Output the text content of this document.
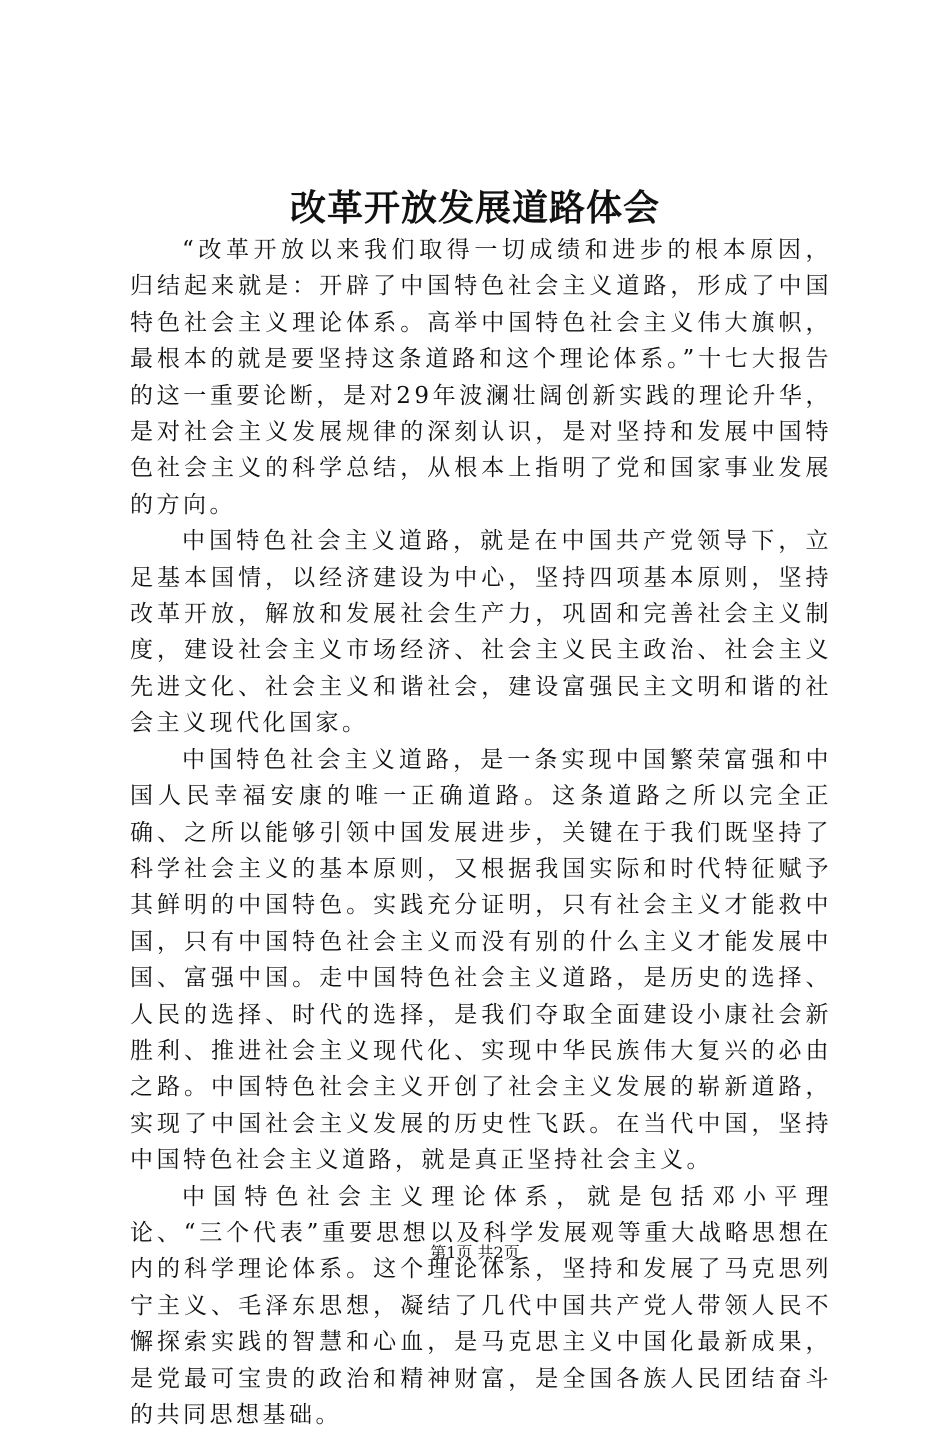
改革开放发展道路体会

“改革开放以来我们取得一切成绩和进步的根本原因，归结起来就是：开辟了中国特色社会主义道路，形成了中国特色社会主义理论体系。高举中国特色社会主义伟大旗帜，最根本的就是要坚持这条道路和这个理论体系。”十七大报告的这一重要论断，是对29年波澜壮阔创新实践的理论升华，是对社会主义发展规律的深刻认识，是对坚持和发展中国特色社会主义的科学总结，从根本上指明了党和国家事业发展的方向。

中国特色社会主义道路，就是在中国共产党领导下，立足基本国情，以经济建设为中心，坚持四项基本原则，坚持改革开放，解放和发展社会生产力，巩固和完善社会主义制度，建设社会主义市场经济、社会主义民主政治、社会主义先进文化、社会主义和谐社会，建设富强民主文明和谐的社会主义现代化国家。

中国特色社会主义道路，是一条实现中国繁荣富强和中国人民幸福安康的唯一正确道路。这条道路之所以完全正确、之所以能够引领中国发展进步，关键在于我们既坚持了科学社会主义的基本原则，又根据我国实际和时代特征赋予其鲜明的中国特色。实践充分证明，只有社会主义才能救中国，只有中国特色社会主义而没有别的什么主义才能发展中国、富强中国。走中国特色社会主义道路，是历史的选择、人民的选择、时代的选择，是我们夺取全面建设小康社会新胜利、推进社会主义现代化、实现中华民族伟大复兴的必由之路。中国特色社会主义开创了社会主义发展的崭新道路，实现了中国社会主义发展的历史性飞跃。在当代中国，坚持中国特色社会主义道路，就是真正坚持社会主义。

中国特色社会主义理论体系，就是包括邓小平理论、“三个代表”重要思想以及科学发展观等重大战略思想在内的科学理论体系。这个理论体系，坚持和发展了马克思列宁主义、毛泽东思想，凝结了几代中国共产党人带领人民不懈探索实践的智慧和心血，是马克思主义中国化最新成果，是党最可宝贵的政治和精神财富，是全国各族人民团结奋斗的共同思想基础。

第1页 共2页
